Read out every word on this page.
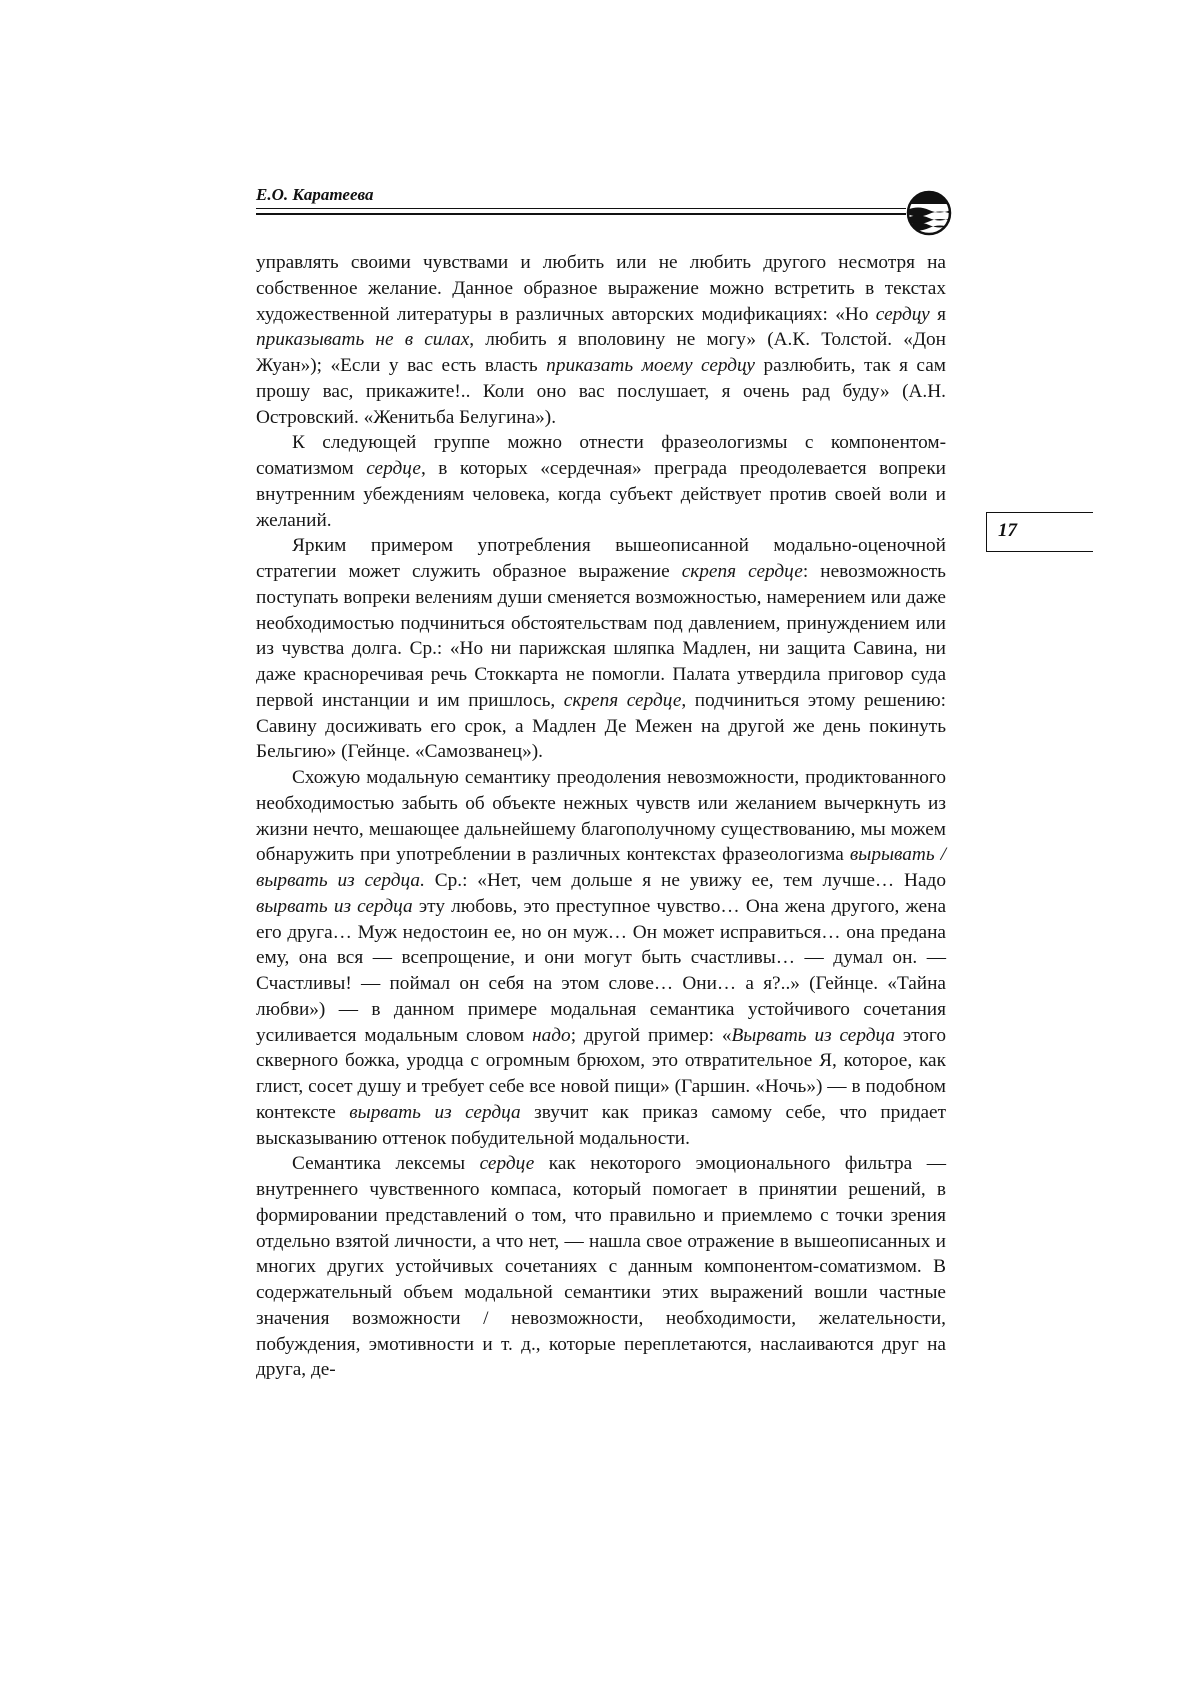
Е.О. Каратеева
17

управлять своими чувствами и любить или не любить другого несмотря на собственное желание. Данное образное выражение можно встретить в текстах художественной литературы в различных авторских модификациях: «Но сердцу я приказывать не в силах, любить я вполовину не могу» (А.К. Толстой. «Дон Жуан»); «Если у вас есть власть приказать моему сердцу разлюбить, так я сам прошу вас, прикажите!.. Коли оно вас послушает, я очень рад буду» (А.Н. Островский. «Женитьба Белугина»).

К следующей группе можно отнести фразеологизмы с компонентом-соматизмом сердце, в которых «сердечная» преграда преодолевается вопреки внутренним убеждениям человека, когда субъект действует против своей воли и желаний.

Ярким примером употребления вышеописанной модально-оценочной стратегии может служить образное выражение скрепя сердце: невозможность поступать вопреки велениям души сменяется возможностью, намерением или даже необходимостью подчиниться обстоятельствам под давлением, принуждением или из чувства долга. Ср.: «Но ни парижская шляпка Мадлен, ни защита Савина, ни даже красноречивая речь Стоккарта не помогли. Палата утвердила приговор суда первой инстанции и им пришлось, скрепя сердце, подчиниться этому решению: Савину досиживать его срок, а Мадлен Де Межен на другой же день покинуть Бельгию» (Гейнце. «Самозванец»).

Схожую модальную семантику преодоления невозможности, продиктованного необходимостью забыть об объекте нежных чувств или желанием вычеркнуть из жизни нечто, мешающее дальнейшему благополучному существованию, мы можем обнаружить при употреблении в различных контекстах фразеологизма вырывать / вырвать из сердца. Ср.: «Нет, чем дольше я не увижу ее, тем лучше… Надо вырвать из сердца эту любовь, это преступное чувство… Она жена другого, жена его друга… Муж недостоин ее, но он муж… Он может исправиться… она предана ему, она вся — всепрощение, и они могут быть счастливы… — думал он. — Счастливы! — поймал он себя на этом слове… Они… а я?..» (Гейнце. «Тайна любви») — в данном примере модальная семантика устойчивого сочетания усиливается модальным словом надо; другой пример: «Вырвать из сердца этого скверного божка, уродца с огромным брюхом, это отвратительное Я, которое, как глист, сосет душу и требует себе все новой пищи» (Гаршин. «Ночь») — в подобном контексте вырвать из сердца звучит как приказ самому себе, что придает высказыванию оттенок побудительной модальности.

Семантика лексемы сердце как некоторого эмоционального фильтра — внутреннего чувственного компаса, который помогает в принятии решений, в формировании представлений о том, что правильно и приемлемо с точки зрения отдельно взятой личности, а что нет, — нашла свое отражение в вышеописанных и многих других устойчивых сочетаниях с данным компонентом-соматизмом. В содержательный объем модальной семантики этих выражений вошли частные значения возможности / невозможности, необходимости, желательности, побуждения, эмотивности и т. д., которые переплетаются, наслаиваются друг на друга, де-
